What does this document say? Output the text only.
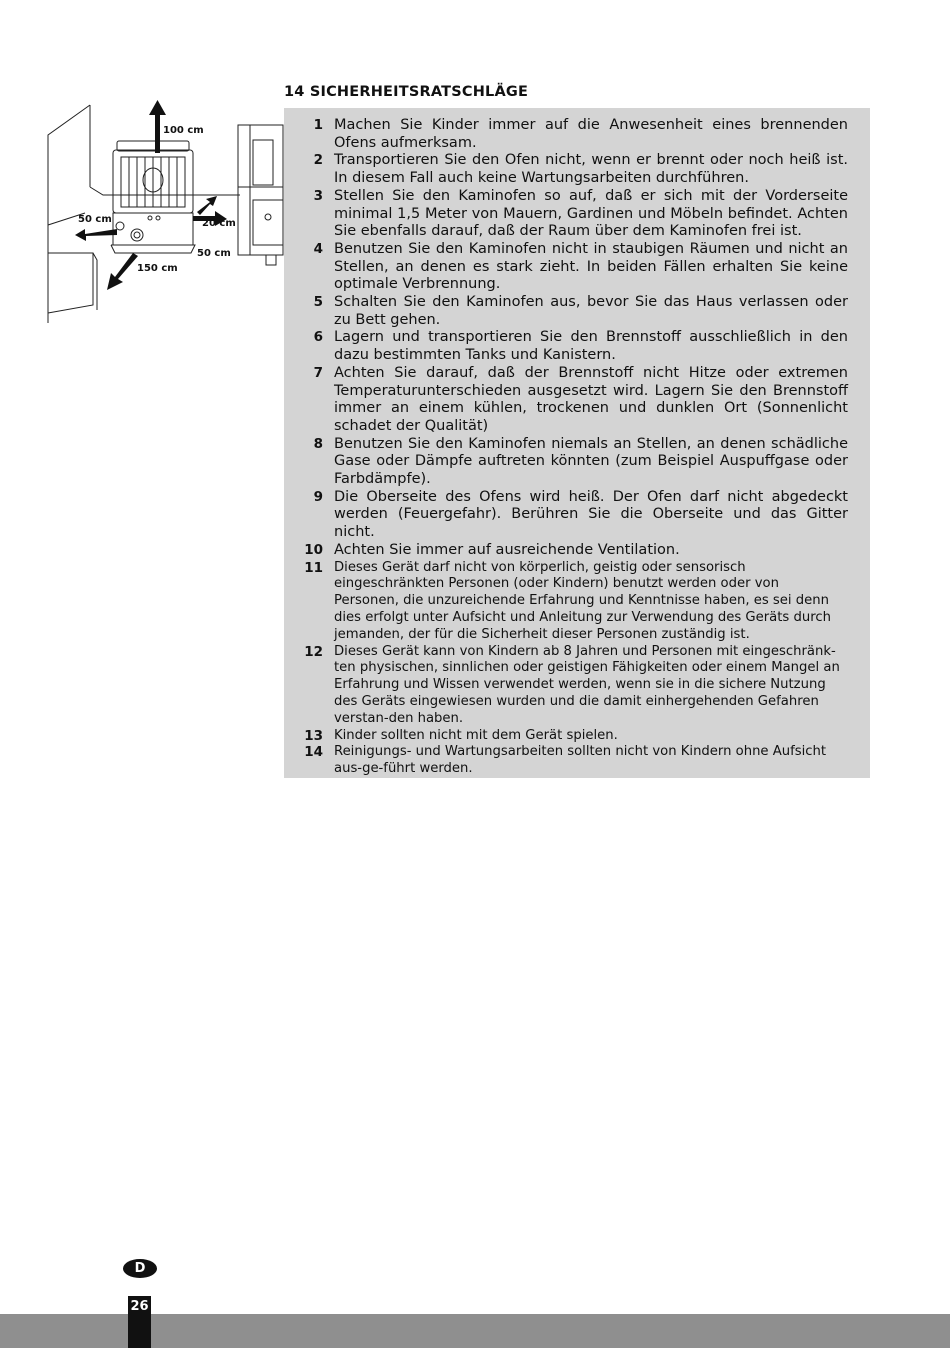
100 cm
50 cm	20 cm
50 cm
150 cm
14 SICHERHEITSRATSCHLÄGE
1 Machen Sie Kinder immer auf die Anwesenheit eines brennenden Ofens aufmerksam.
2 Transportieren Sie den Ofen nicht, wenn er brennt oder noch heiß ist. In diesem Fall auch keine Wartungsarbeiten durchführen.
3 Stellen Sie den Kaminofen so auf, daß er sich mit der Vorderseite minimal 1,5 Meter von Mauern, Gardinen und Möbeln befindet. Achten Sie ebenfalls darauf, daß der Raum über dem Kaminofen frei ist.
4 Benutzen Sie den Kaminofen nicht in staubigen Räumen und nicht an Stellen, an denen es stark zieht. In beiden Fällen erhalten Sie keine optimale Verbrennung.
5 Schalten Sie den Kaminofen aus, bevor Sie das Haus verlassen oder zu Bett gehen.
6 Lagern und transportieren Sie den Brennstoff ausschließlich in den dazu bestimmten Tanks und Kanistern.
7 Achten Sie darauf, daß der Brennstoff nicht Hitze oder extremen Temperaturunterschieden ausgesetzt wird. Lagern Sie den Brennstoff immer an einem kühlen, trockenen und dunklen Ort (Sonnenlicht schadet der Qualität)
8 Benutzen Sie den Kaminofen niemals an Stellen, an denen schädliche Gase oder Dämpfe auftreten könnten (zum Beispiel Auspuffgase oder Farbdämpfe).
9 Die Oberseite des Ofens wird heiß. Der Ofen darf nicht abgedeckt werden (Feuergefahr). Berühren Sie die Oberseite und das Gitter nicht.
10 Achten Sie immer auf ausreichende Ventilation.
11 Dieses Gerät darf nicht von körperlich, geistig oder sensorisch eingeschränkten Personen (oder Kindern) benutzt werden oder von Personen, die unzureichende Erfahrung und Kenntnisse haben, es sei denn dies erfolgt unter Aufsicht und Anleitung zur Verwendung des Geräts durch jemanden, der für die Sicherheit dieser Personen zuständig ist.
12 Dieses Gerät kann von Kindern ab 8 Jahren und Personen mit eingeschränk-ten physischen, sinnlichen oder geistigen Fähigkeiten oder einem Mangel an Erfahrung und Wissen verwendet werden, wenn sie in die sichere Nutzung des Geräts eingewiesen wurden und die damit einhergehenden Gefahren verstan-den haben.
13 Kinder sollten nicht mit dem Gerät spielen.
14 Reinigungs- und Wartungsarbeiten sollten nicht von Kindern ohne Aufsicht aus-ge-führt werden.
D
26
